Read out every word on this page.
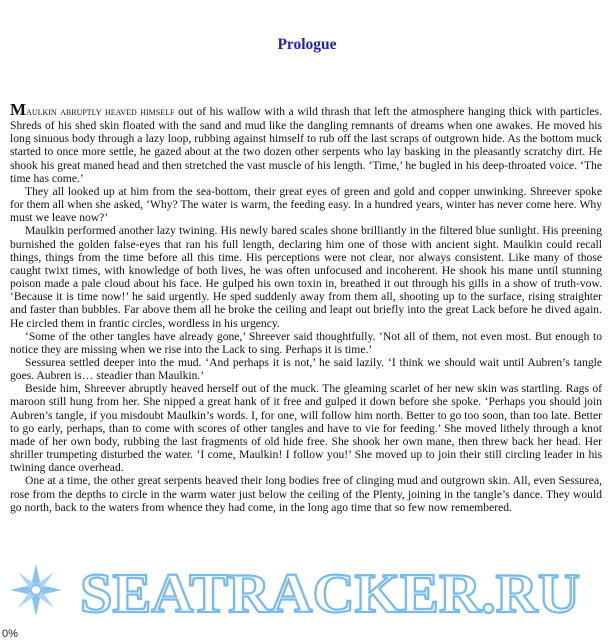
Prologue

Maulkin abruptly heaved himself out of his wallow with a wild thrash that left the atmosphere hanging thick with particles. Shreds of his shed skin floated with the sand and mud like the dangling remnants of dreams when one awakes. He moved his long sinuous body through a lazy loop, rubbing against himself to rub off the last scraps of outgrown hide. As the bottom muck started to once more settle, he gazed about at the two dozen other serpents who lay basking in the pleasantly scratchy dirt. He shook his great maned head and then stretched the vast muscle of his length. ‘Time,’ he bugled in his deep-throated voice. ‘The time has come.’

They all looked up at him from the sea-bottom, their great eyes of green and gold and copper unwinking. Shreever spoke for them all when she asked, ‘Why? The water is warm, the feeding easy. In a hundred years, winter has never come here. Why must we leave now?’

Maulkin performed another lazy twining. His newly bared scales shone brilliantly in the filtered blue sunlight. His preening burnished the golden false-eyes that ran his full length, declaring him one of those with ancient sight. Maulkin could recall things, things from the time before all this time. His perceptions were not clear, nor always consistent. Like many of those caught twixt times, with knowledge of both lives, he was often unfocused and incoherent. He shook his mane until stunning poison made a pale cloud about his face. He gulped his own toxin in, breathed it out through his gills in a show of truth-vow. ‘Because it is time now!’ he said urgently. He sped suddenly away from them all, shooting up to the surface, rising straighter and faster than bubbles. Far above them all he broke the ceiling and leapt out briefly into the great Lack before he dived again. He circled them in frantic circles, wordless in his urgency.

‘Some of the other tangles have already gone,’ Shreever said thoughtfully. ‘Not all of them, not even most. But enough to notice they are missing when we rise into the Lack to sing. Perhaps it is time.’

Sessurea settled deeper into the mud. ‘And perhaps it is not,’ he said lazily. ‘I think we should wait until Aubren’s tangle goes. Aubren is… steadier than Maulkin.’

Beside him, Shreever abruptly heaved herself out of the muck. The gleaming scarlet of her new skin was startling. Rags of maroon still hung from her. She nipped a great hank of it free and gulped it down before she spoke. ‘Perhaps you should join Aubren’s tangle, if you misdoubt Maulkin’s words. I, for one, will follow him north. Better to go too soon, than too late. Better to go early, perhaps, than to come with scores of other tangles and have to vie for feeding.’ She moved lithely through a knot made of her own body, rubbing the last fragments of old hide free. She shook her own mane, then threw back her head. Her shriller trumpeting disturbed the water. ‘I come, Maulkin! I follow you!’ She moved up to join their still circling leader in his twining dance overhead.

One at a time, the other great serpents heaved their long bodies free of clinging mud and outgrown skin. All, even Sessurea, rose from the depths to circle in the warm water just below the ceiling of the Plenty, joining in the tangle’s dance. They would go north, back to the waters from whence they had come, in the long ago time that so few now remembered.

SEATRACKER.RU
0%
